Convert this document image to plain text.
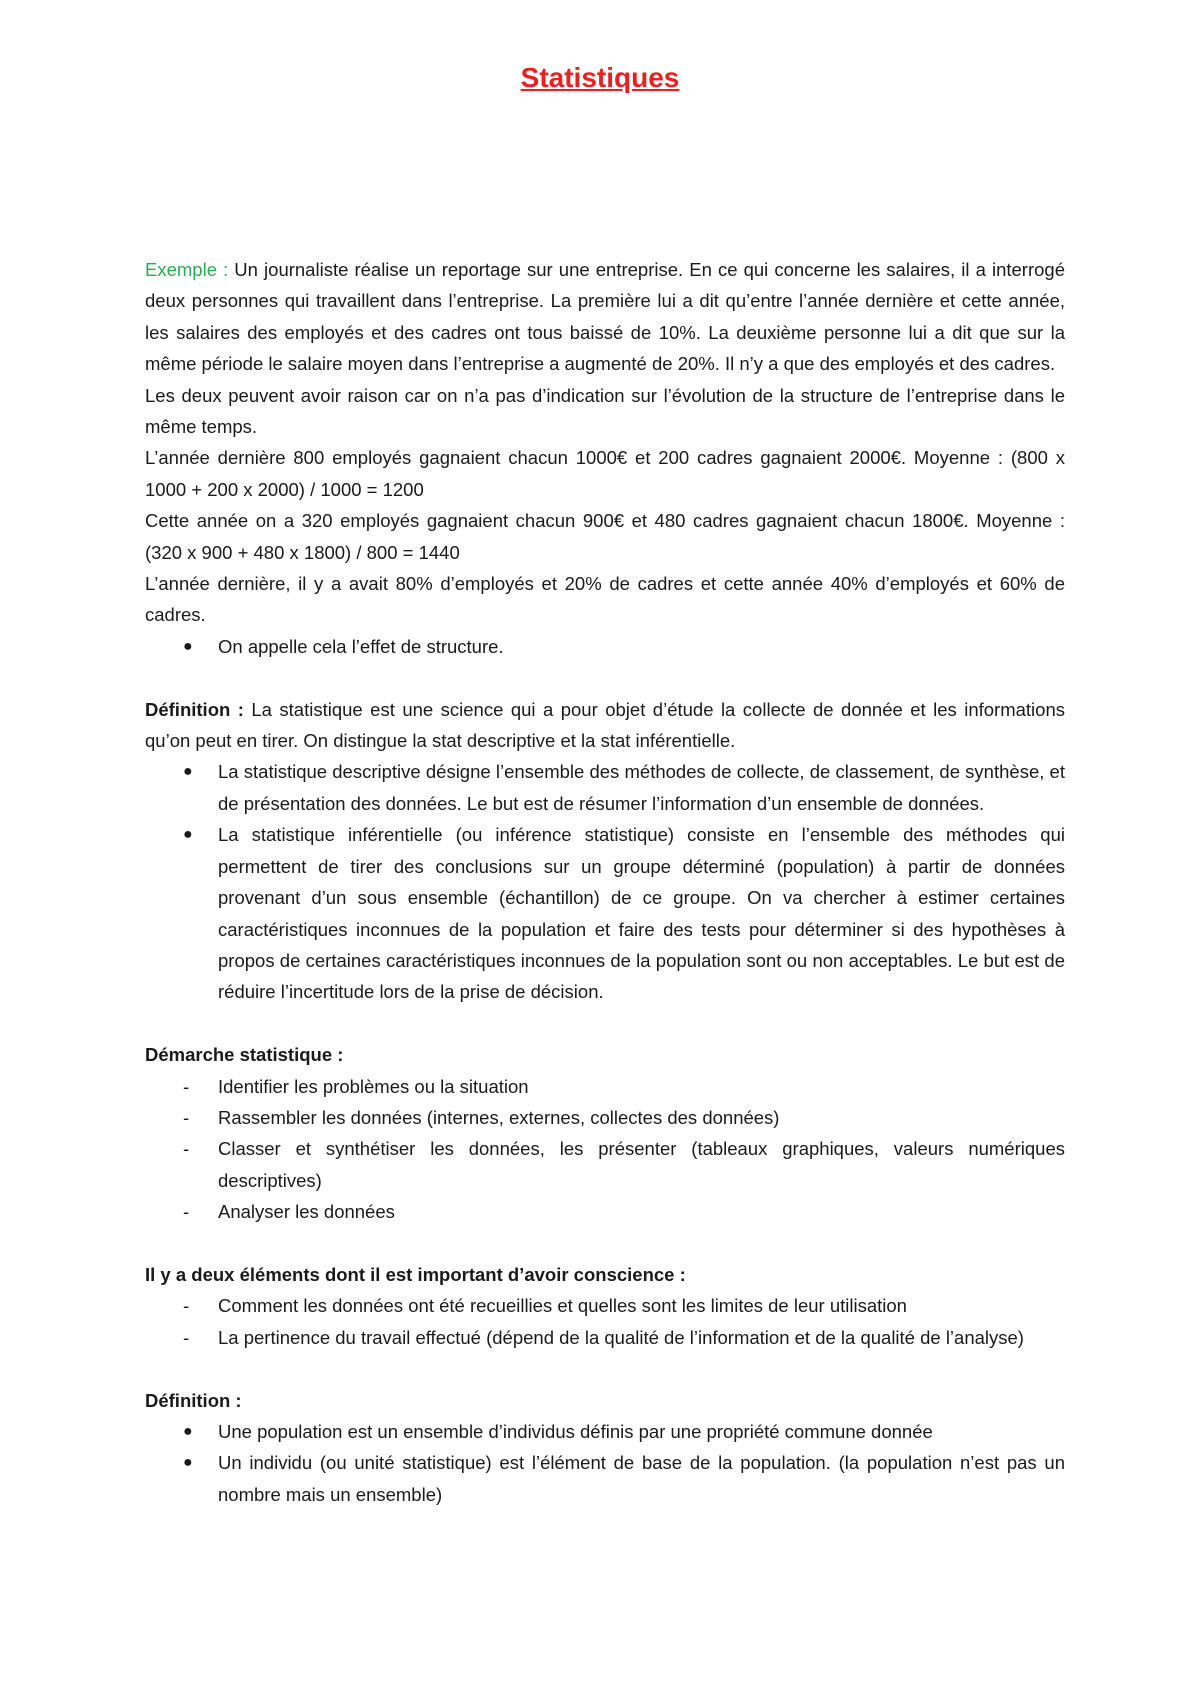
Statistiques

Exemple : Un journaliste réalise un reportage sur une entreprise. En ce qui concerne les salaires, il a interrogé deux personnes qui travaillent dans l’entreprise. La première lui a dit qu’entre l’année dernière et cette année, les salaires des employés et des cadres ont tous baissé de 10%. La deuxième personne lui a dit que sur la même période le salaire moyen dans l’entreprise a augmenté de 20%. Il n’y a que des employés et des cadres.

Les deux peuvent avoir raison car on n’a pas d’indication sur l’évolution de la structure de l’entreprise dans le même temps.

L’année dernière 800 employés gagnaient chacun 1000€ et 200 cadres gagnaient 2000€. Moyenne : (800 x 1000 + 200 x 2000) / 1000 = 1200

Cette année on a 320 employés gagnaient chacun 900€ et 480 cadres gagnaient chacun 1800€. Moyenne : (320 x 900 + 480 x 1800) / 800 = 1440

L’année dernière, il y a avait 80% d’employés et 20% de cadres et cette année 40% d’employés et 60% de cadres.

● On appelle cela l’effet de structure.

Définition : La statistique est une science qui a pour objet d’étude la collecte de donnée et les informations qu’on peut en tirer. On distingue la stat descriptive et la stat inférentielle.

● La statistique descriptive désigne l’ensemble des méthodes de collecte, de classement, de synthèse, et de présentation des données. Le but est de résumer l’information d’un ensemble de données.
● La statistique inférentielle (ou inférence statistique) consiste en l’ensemble des méthodes qui permettent de tirer des conclusions sur un groupe déterminé (population) à partir de données provenant d’un sous ensemble (échantillon) de ce groupe. On va chercher à estimer certaines caractéristiques inconnues de la population et faire des tests pour déterminer si des hypothèses à propos de certaines caractéristiques inconnues de la population sont ou non acceptables. Le but est de réduire l’incertitude lors de la prise de décision.

Démarche statistique :

- Identifier les problèmes ou la situation
- Rassembler les données (internes, externes, collectes des données)
- Classer et synthétiser les données, les présenter (tableaux graphiques, valeurs numériques descriptives)
- Analyser les données

Il y a deux éléments dont il est important d’avoir conscience :

- Comment les données ont été recueillies et quelles sont les limites de leur utilisation
- La pertinence du travail effectué (dépend de la qualité de l’information et de la qualité de l’analyse)

Définition :

● Une population est un ensemble d’individus définis par une propriété commune donnée
● Un individu (ou unité statistique) est l’élément de base de la population. (la population n’est pas un nombre mais un ensemble)
